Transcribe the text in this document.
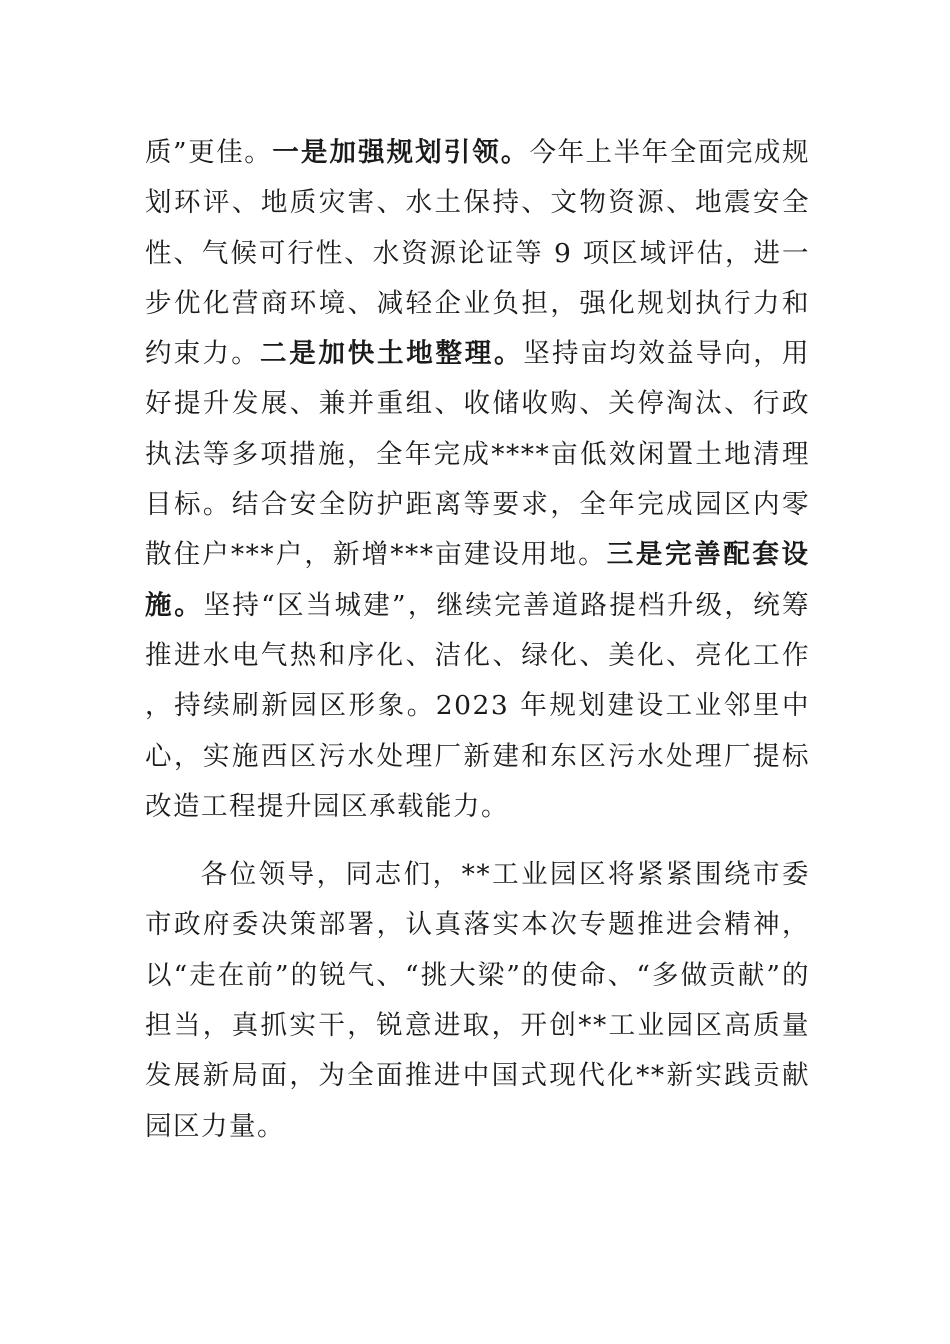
质”更佳。一是加强规划引领。今年上半年全面完成规划环评、地质灾害、水土保持、文物资源、地震安全性、气候可行性、水资源论证等 9 项区域评估，进一步优化营商环境、减轻企业负担，强化规划执行力和约束力。二是加快土地整理。坚持亩均效益导向，用好提升发展、兼并重组、收储收购、关停淘汰、行政执法等多项措施，全年完成****亩低效闲置土地清理目标。结合安全防护距离等要求，全年完成园区内零散住户***户，新增***亩建设用地。三是完善配套设施。坚持“区当城建”，继续完善道路提档升级，统筹推进水电气热和序化、洁化、绿化、美化、亮化工作，持续刷新园区形象。2023 年规划建设工业邻里中心，实施西区污水处理厂新建和东区污水处理厂提标改造工程提升园区承载能力。

各位领导，同志们，**工业园区将紧紧围绕市委市政府委决策部署，认真落实本次专题推进会精神，以“走在前”的锐气、“挑大梁”的使命、“多做贡献”的担当，真抓实干，锐意进取，开创**工业园区高质量发展新局面，为全面推进中国式现代化**新实践贡献园区力量。
